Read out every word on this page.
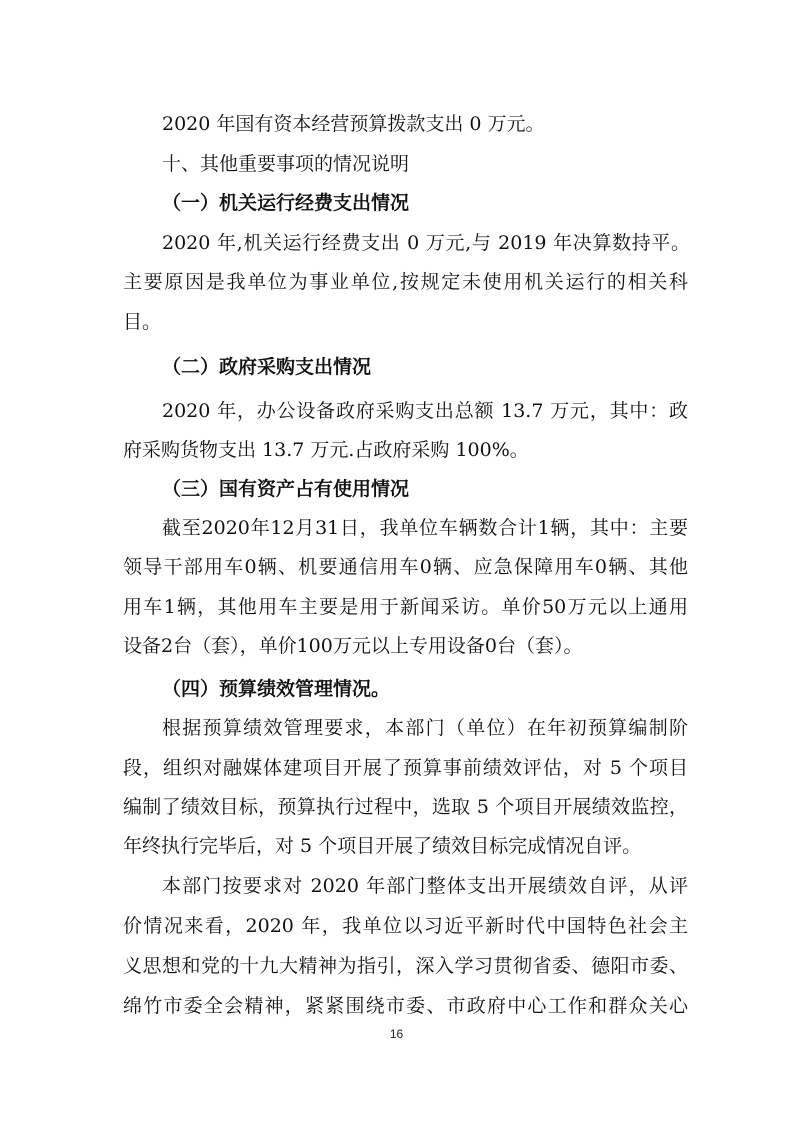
2020 年国有资本经营预算拨款支出 0 万元。

十、其他重要事项的情况说明

（一）机关运行经费支出情况

2020 年,机关运行经费支出 0 万元,与 2019 年决算数持平。

主要原因是我单位为事业单位,按规定未使用机关运行的相关科

目。

（二）政府采购支出情况

2020 年，办公设备政府采购支出总额 13.7 万元，其中：政

府采购货物支出 13.7 万元.占政府采购 100%。

（三）国有资产占有使用情况

截至2020年12月31日，我单位车辆数合计1辆，其中：主要

领导干部用车0辆、机要通信用车0辆、应急保障用车0辆、其他

用车1辆，其他用车主要是用于新闻采访。单价50万元以上通用

设备2台（套），单价100万元以上专用设备0台（套）。

（四）预算绩效管理情况。

根据预算绩效管理要求，本部门（单位）在年初预算编制阶

段，组织对融媒体建项目开展了预算事前绩效评估，对 5 个项目

编制了绩效目标，预算执行过程中，选取 5 个项目开展绩效监控，

年终执行完毕后，对 5 个项目开展了绩效目标完成情况自评。

本部门按要求对 2020 年部门整体支出开展绩效自评，从评

价情况来看，2020 年，我单位以习近平新时代中国特色社会主

义思想和党的十九大精神为指引，深入学习贯彻省委、德阳市委、

绵竹市委全会精神，紧紧围绕市委、市政府中心工作和群众关心

16
